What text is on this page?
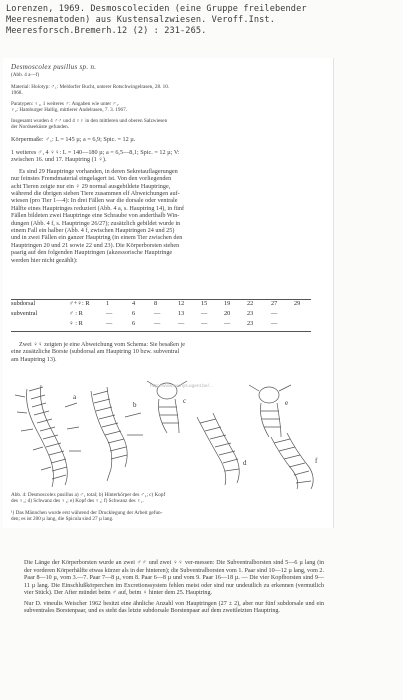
Lorenzen, 1969. Desmoscoleciden (eine Gruppe freilebender
Meeresnematoden) aus Kustensalzwiesen. Veroff.Inst.
Meeresforsch.Bremerh.12 (2) : 231-265.
Desmoscolex pusillus sp. n.
(Abb. 4 a—f)
Material: Holotyp: ♂₁: Meldorfer Bucht, unterer Rotschwingelrasen, 28. 10.
1968.
Paratypen: ♀₁, 1 weiteres ♂: Angaben wie unter ♂₁.
♀₂: Hamburger Hallig, mittlerer Andelrasen, 7. 3. 1967.
Insgesamt wurden 4 ♂♂ und 4 ♀♀ in den mittleren und oberen Salzwiesen
der Nordseeküste gefunden.
Körpermaße: ♂₁: L = 145 µ; a = 6,9; Spic. = 12 µ.
1 weiteres ♂, 4 ♀♀: L = 140—180 µ; a = 6,5—8,1; Spic. = 12 µ; V:
zwischen 16. und 17. Hauptring (1 ♀).
Es sind 29 Hauptringe vorhanden, in deren Sekretauflagerungen
nur feinstes Fremdmaterial eingelagert ist. Von den vorliegenden
acht Tieren zeigte nur ein ♀ 29 normal ausgebildete Hauptringe,
während die übrigen sieben Tiere zusammen elf Abweichungen auf-
wiesen (pro Tier 1—4): In drei Fällen war die dorsale oder ventrale
Hälfte eines Hauptringes reduziert (Abb. 4 a, s. Hauptring 14), in fünf
Fällen bildeten zwei Hauptringe eine Schraube von anderthalb Win-
dungen (Abb. 4 f, s. Hauptringe 26/27); zusätzlich gebildet wurde in
einem Fall ein halber (Abb. 4 f, zwischen Hauptringen 24 und 25)
und in zwei Fällen ein ganzer Hauptring (in einem Tier zwischen den
Hauptringen 20 und 21 sowie 22 und 23). Die Körperborsten stehen
paarig auf den folgenden Hauptringen (akzessorische Hauptringe
werden hier nicht gezählt):
subdorsal	♂+♀: R	1	4	8	12	15	19	22	27	29
subventral	♂ : R	—	6	—	13	—	20	23	—
♀ : R	—	6	—	—	—	—	23	—
Zwei ♀♀ zeigten je eine Abweichung vom Schema: Sie besaßen je
eine zusätzliche Borste (subdorsal am Hauptring 10 bzw. subventral
am Hauptring 13).
a
b	c
d
e
f
http://www.nemys.ugent.be/...
Abb. 4: Desmoscolex pusillus a) ♂₁ total; b) Hinterkörper des ♂₁; c) Kopf
des ♀₁; d) Schwanz des ♀₁; e) Kopf des ♀₁; f) Schwanz des ♀₁.
¹) Das Männchen wurde erst während der Drucklegung der Arbeit gefun-
den; es ist 200 µ lang, die Spicula sind 27 µ lang.

Die Länge der Körperborsten wurde an zwei ♂♂ und zwei ♀♀ ver-messen: Die Subventralborsten sind 5—6 µ lang (in der vorderen Körperhälfte etwas kürzer als in der hinteren); die Subventralborsten vom 1. Paar sind 10—12 µ lang, vom 2. Paar 8—10 µ, vom 3.—7. Paar 7—8 µ, vom 8. Paar 6—8 µ und vom 9. Paar 16—18 µ. — Die vier Kopfborsten sind 9—11 µ lang. Die Einschlußkörperchen im Excretionssystem fehlen meist oder sind nur undeutlich zu erkennen (vermutlich vier Stück). Der After mündet beim ♂ auf, beim ♀ hinter dem 25. Hauptring.

Nur D. vineulis Weischer 1962 besitzt eine ähnliche Anzahl von Hauptringen (27 ± 2), aber nur fünf subdorsale und ein subventrales Borstenpaar, und es steht das letzte subdorsale Borstenpaar auf dem zweitletzten Hauptring.
